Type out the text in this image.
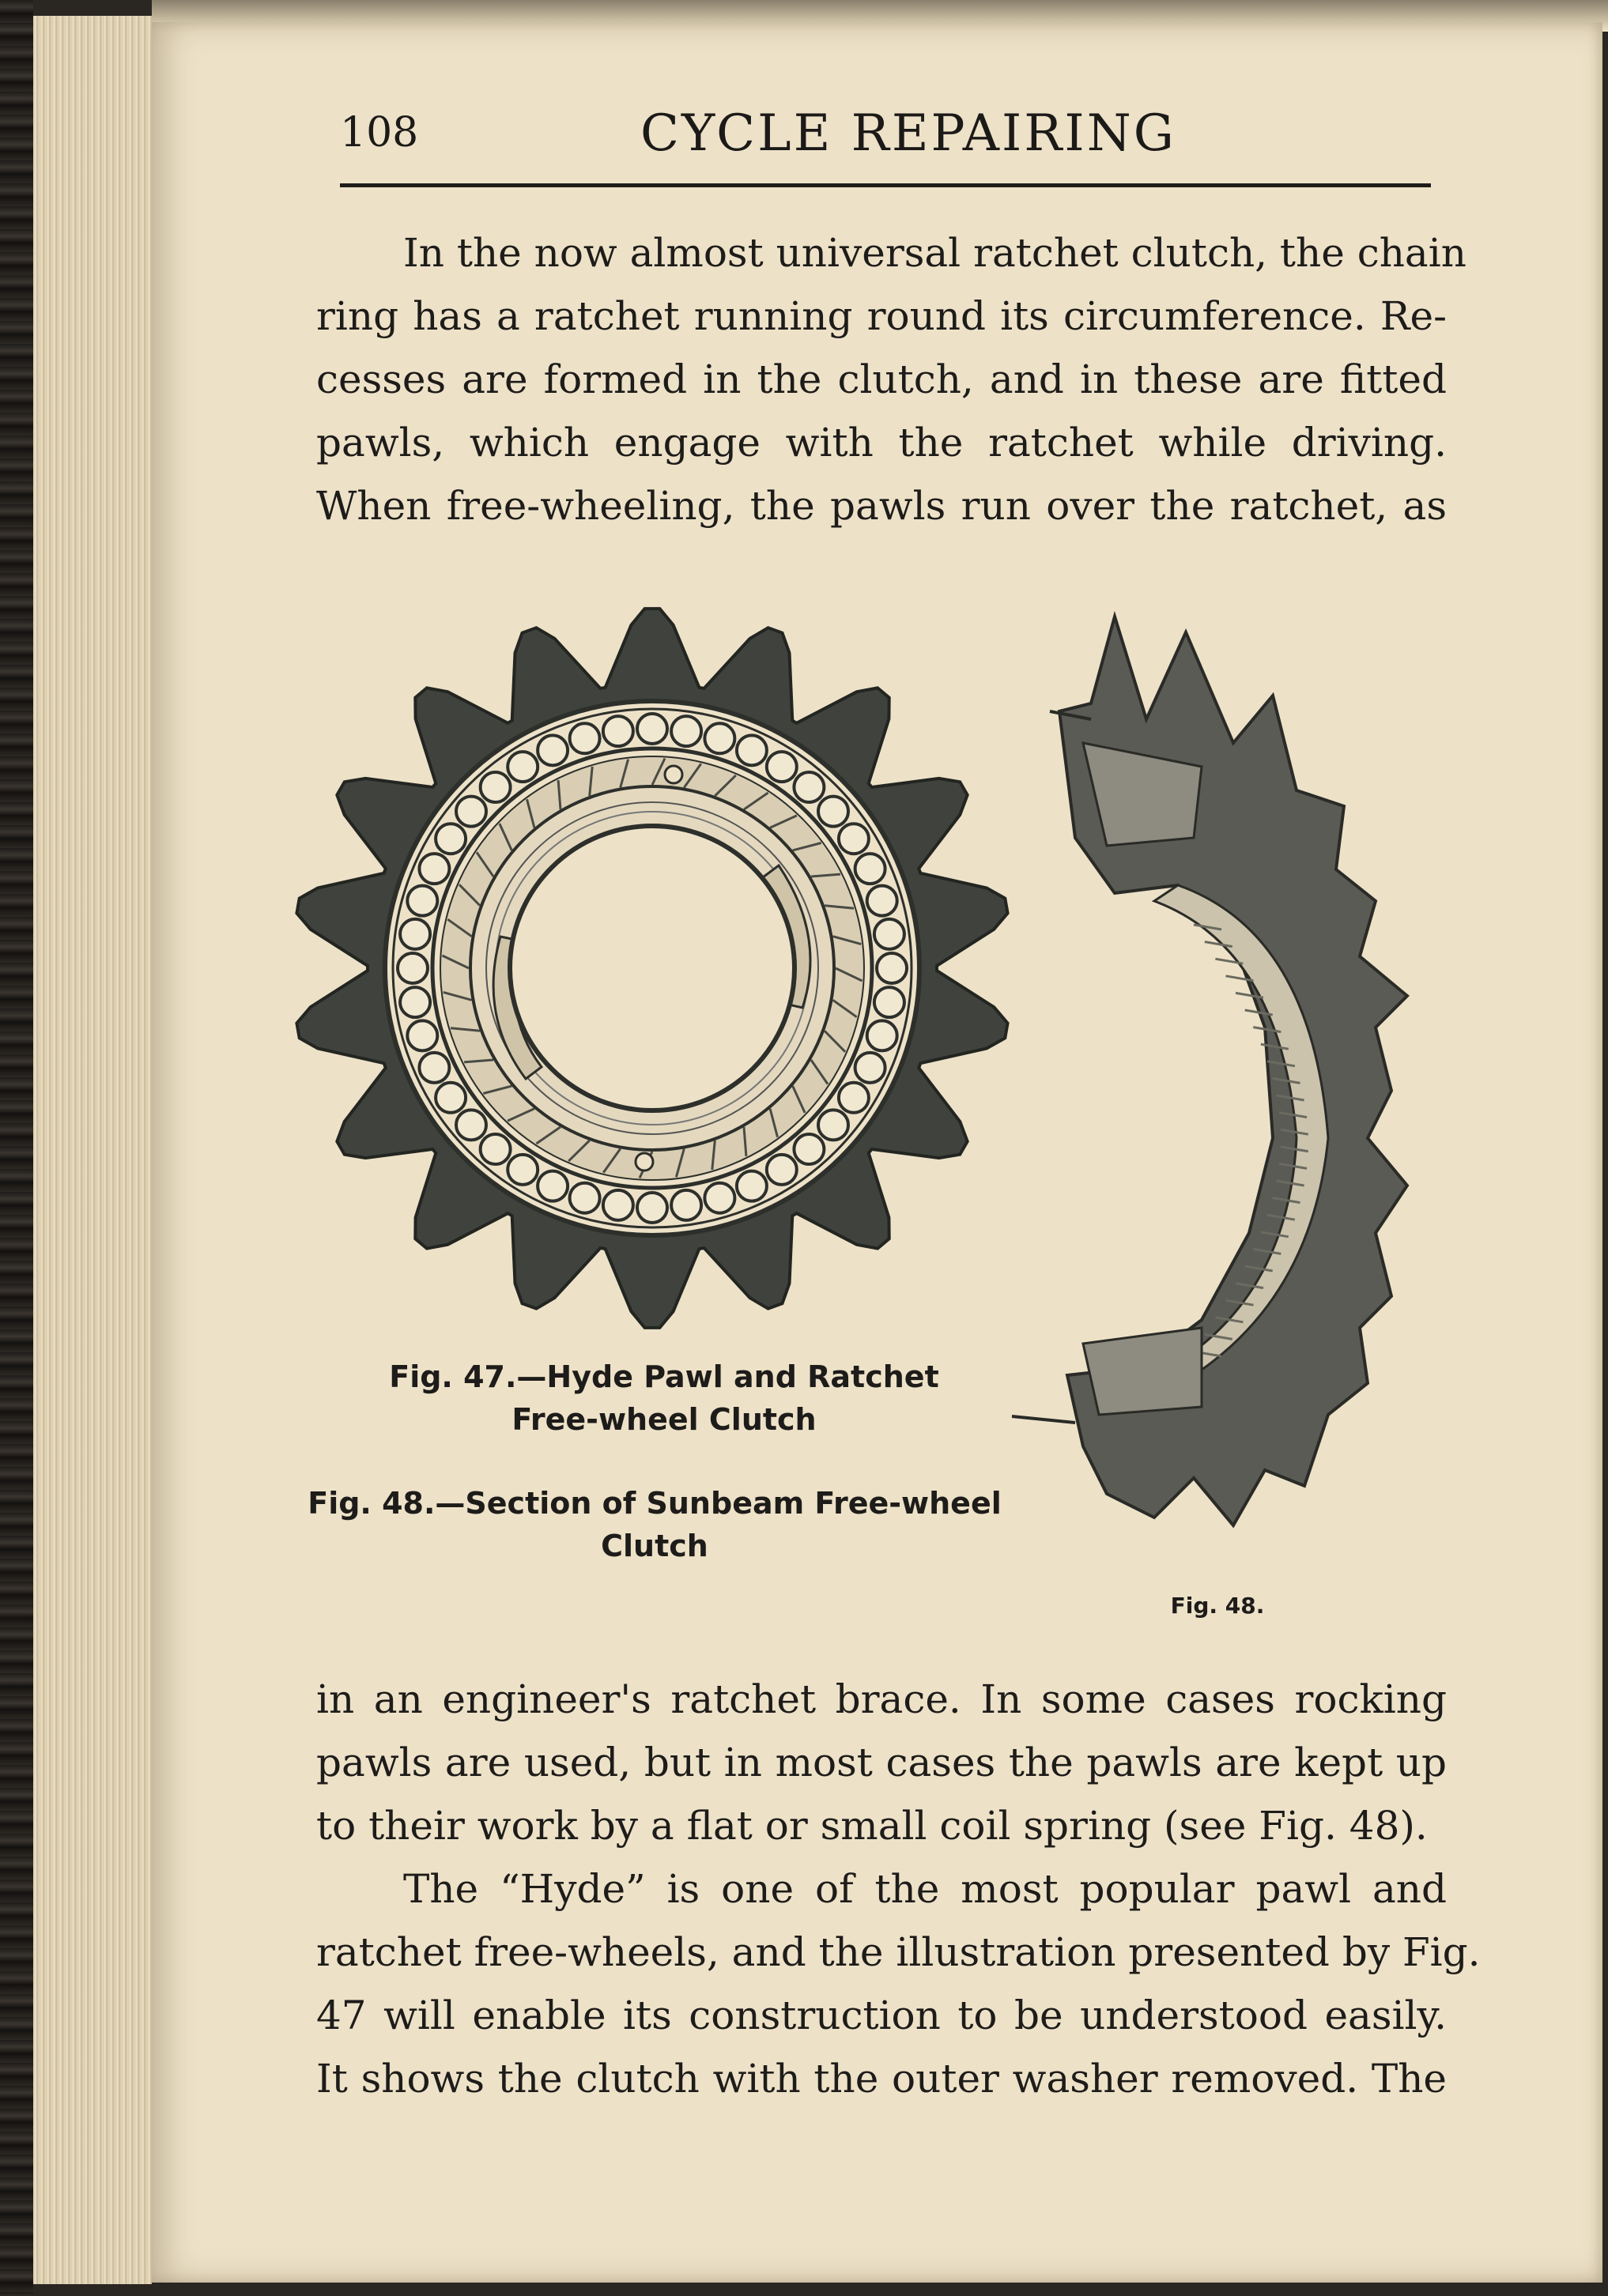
108	CYCLE REPAIRING

In the now almost universal ratchet clutch, the chain
ring has a ratchet running round its circumference. Re-
cesses are formed in the clutch, and in these are fitted
pawls, which engage with the ratchet while driving.
When free-wheeling, the pawls run over the ratchet, as

Fig. 47.—Hyde Pawl and Ratchet
Free-wheel Clutch
Fig. 48.—Section of Sunbeam Free-wheel
Clutch
Fig. 48.

in an engineer's ratchet brace. In some cases rocking
pawls are used, but in most cases the pawls are kept up
to their work by a flat or small coil spring (see Fig. 48).

The “Hyde” is one of the most popular pawl and
ratchet free-wheels, and the illustration presented by Fig.
47 will enable its construction to be understood easily.
It shows the clutch with the outer washer removed. The
